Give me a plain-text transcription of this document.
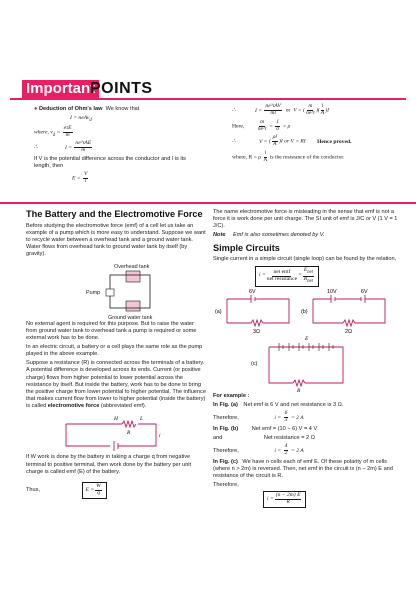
Important
POINTS

● Deduction of Ohm's law We know that

I = neAv$_d$

where, $v_d = \frac{\text{eτE}}{m}$

∴	$I = \frac{\text{ne²τAE}}{m}$

If V is the potential difference across the conductor and l is its length, then

$E = \frac{V}{l}$

∴	$I = \frac{\text{ne²τAV}}{ml}$ or V = ( $\frac{m}{\text{ne²τ}}$ )( $\frac{l}{A} )I$

Here, $\frac{m}{\text{ne²τ}} = \frac{1}{\sigma} = \rho$

∴	V = ( $\frac{\rho l}{A} )I$ or V = RI Hence proved.

where, R = ρ $\frac{l}{A}$ is the resistance of the conductor.

The Battery and the Electromotive Force

Before studying the electromotive force (emf) of a cell let us take an example of a pump which is more easy to understand. Suppose we want to recycle water between a overhead tank and a ground water tank. Water flows from overhead tank to ground water tank by itself (by gravity).

Overhead tank
Pump
Ground water tank

No external agent is required for this purpose. But to raise the water from ground water tank to overhead tank a pump is required or some external work has to be done.

In an electric circuit, a battery or a cell plays the same role as the pump played in the above example.

Suppose a resistance (R) is connected across the terminals of a battery. A potential difference is developed across its ends. Current (or positive charge) flows from higher potential to lower potential across the resistance by itself. But inside the battery, work has to be done to bring the positive charge from lower potential to higher potential. The influence that makes current flow from lower to higher potential (inside the battery) is called electromotive force (abbreviated emf).

H	L
R	i

If W work is done by the battery in taking a charge q from negative terminal to positive terminal, then work done by the battery per unit charge is called emf (E) of the battery.

Thus,	$E = \frac{W}{q}$

The name electromotive force is misleading in the sense that emf is not a force it is work done per unit charge. The SI unit of emf is J/C or V (1 V = 1 J/C).

Note Emf is also sometimes denoted by V.

Simple Circuits

Single current in a simple circuit (single loop) can be found by the relation,

$i = \frac{\text{net emf}}{\text{net resistance}} = \frac{E_{net}}{R_{net}}$

(a)
6V
3Ω
(b)
10V	6V
2Ω
(c)
E
R

For example :

In Fig. (a) Net emf is 6 V and net resistance is 3 Ω.

Therefore,	$i = \frac{6}{3} = 2$ A

In Fig. (b) Net emf = (10 − 6) V = 4 V

and	Net resistance = 2 Ω

Therefore,	$i = \frac{4}{2} = 2$ A

In Fig. (c) We have n cells each of emf E. Of these polarity of m cells (where n > 2m) is reversed. Then, net emf in the circuit is (n − 2m) E and resistance of the circuit is R.

Therefore,

$i = \frac{(n - 2m) E}{R}$
